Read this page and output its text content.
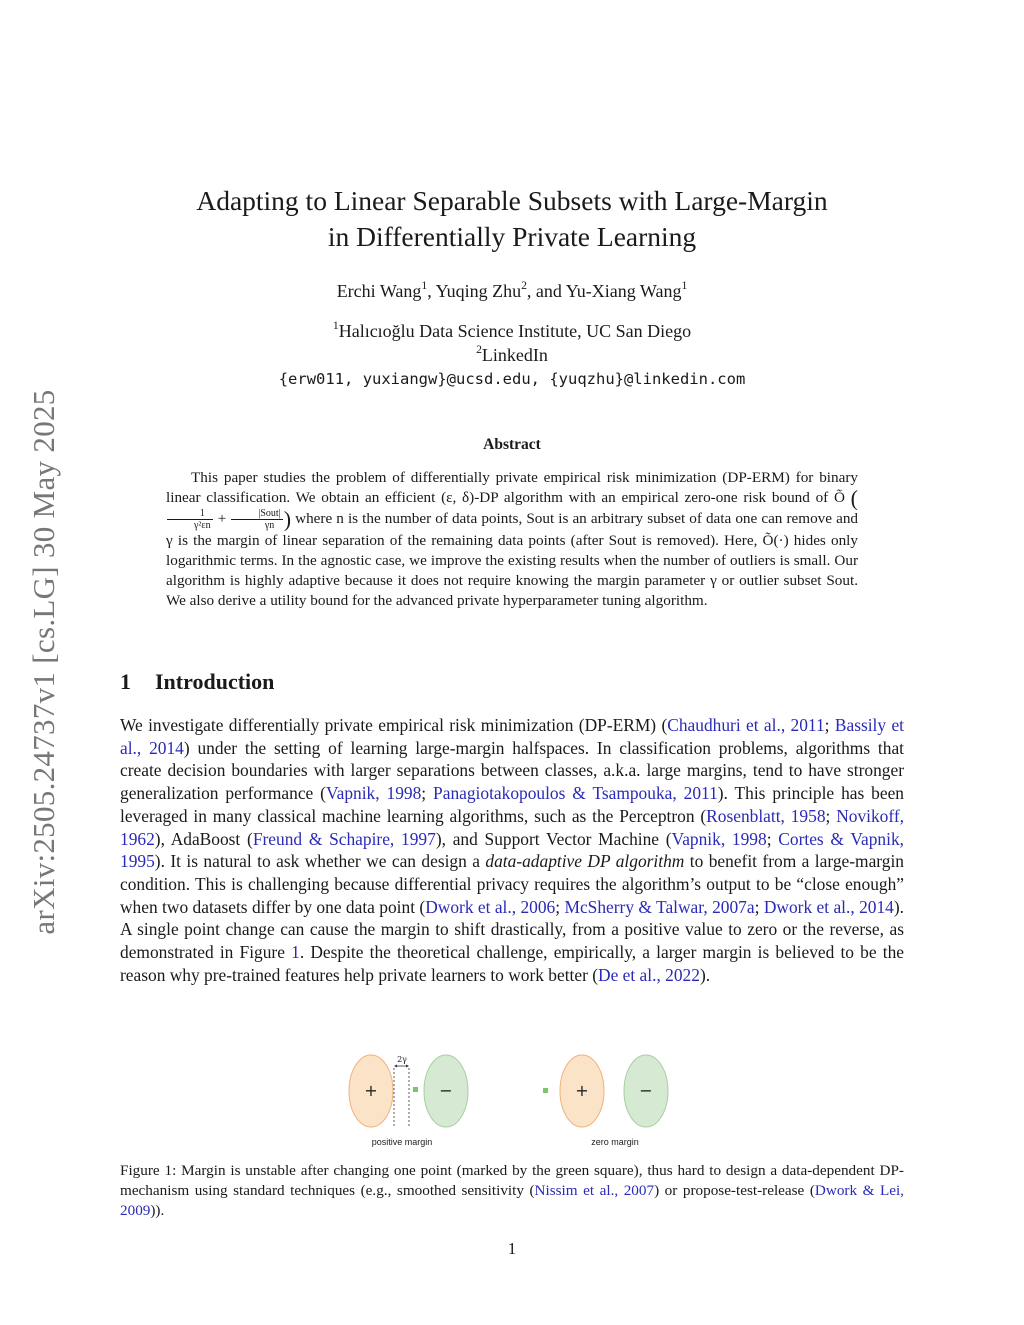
arXiv:2505.24737v1 [cs.LG] 30 May 2025
Adapting to Linear Separable Subsets with Large-Margin
in Differentially Private Learning
Erchi Wang$^1$, Yuqing Zhu$^2$, and Yu-Xiang Wang$^1$
$^1$Halıcıoğlu Data Science Institute, UC San Diego
$^2$LinkedIn
{erw011, yuxiangw}@ucsd.edu, {yuqzhu}@linkedin.com
Abstract

This paper studies the problem of differentially private empirical risk minimization (DP-ERM) for binary linear classification. We obtain an efficient (ε, δ)-DP algorithm with an empirical zero-one risk bound of Õ (
$\frac{1}{\text{γ²εn}} + \frac{\text{|Sout|}}{\gamma n}$ ) where n is the number of data points, Sout is an arbitrary subset of data one can remove and γ is the margin of linear separation of the remaining data points (after Sout is removed). Here, Õ(·) hides only logarithmic terms. In the agnostic case, we improve the existing results when the number of outliers is small. Our algorithm is highly adaptive because it does not require knowing the margin parameter γ or outlier subset Sout. We also derive a utility bound for the advanced private hyperparameter tuning algorithm.

1 Introduction

We investigate differentially private empirical risk minimization (DP-ERM) (Chaudhuri et al., 2011; Bassily et al., 2014) under the setting of learning large-margin halfspaces. In classification problems, algorithms that create decision boundaries with larger separations between classes, a.k.a. large margins, tend to have stronger generalization performance (Vapnik, 1998; Panagiotakopoulos & Tsampouka, 2011). This principle has been leveraged in many classical machine learning algorithms, such as the Perceptron (Rosenblatt, 1958; Novikoff, 1962), AdaBoost (Freund & Schapire, 1997), and Support Vector Machine (Vapnik, 1998; Cortes & Vapnik, 1995). It is natural to ask whether we can design a data-adaptive DP algorithm to benefit from a large-margin condition. This is challenging because differential privacy requires the algorithm’s output to be “close enough” when two datasets differ by one data point (Dwork et al., 2006; McSherry & Talwar, 2007a; Dwork et al., 2014). A single point change can cause the margin to shift drastically, from a positive value to zero or the reverse, as demonstrated in Figure 1. Despite the theoretical challenge, empirically, a larger margin is believed to be the reason why pre-trained features help private learners to work better (De et al., 2022).

+	−
2γ
positive margin
+	−
zero margin

Figure 1: Margin is unstable after changing one point (marked by the green square), thus hard to design a data-dependent DP-mechanism using standard techniques (e.g., smoothed sensitivity (Nissim et al., 2007) or propose-test-release (Dwork & Lei, 2009)).

1
